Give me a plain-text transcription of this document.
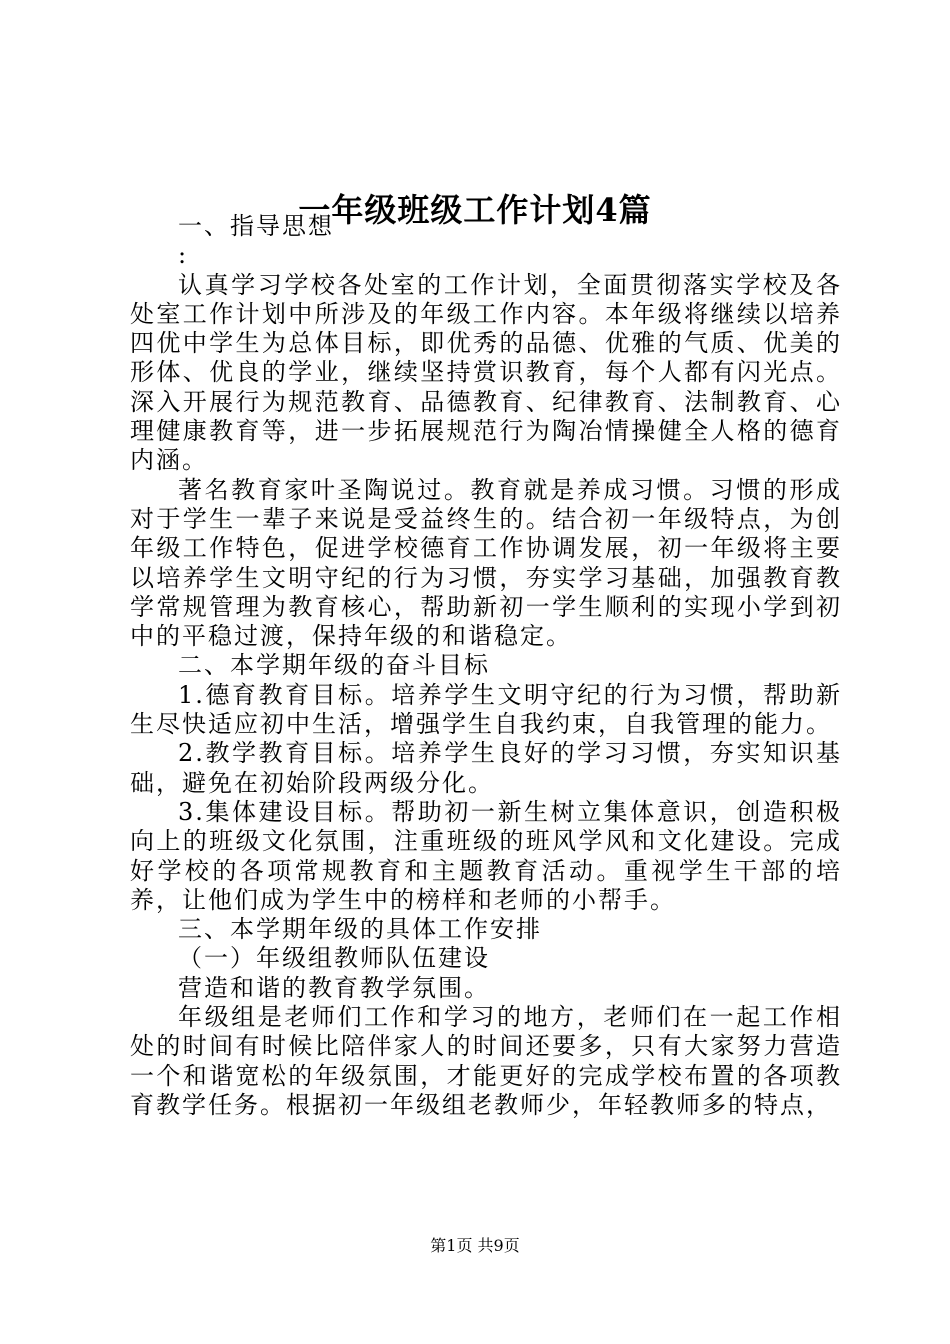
一年级班级工作计划4篇

一、指导思想

:

认真学习学校各处室的工作计划，全面贯彻落实学校及各处室工作计划中所涉及的年级工作内容。本年级将继续以培养四优中学生为总体目标，即优秀的品德、优雅的气质、优美的形体、优良的学业，继续坚持赏识教育，每个人都有闪光点。深入开展行为规范教育、品德教育、纪律教育、法制教育、心理健康教育等，进一步拓展规范行为陶冶情操健全人格的德育内涵。

著名教育家叶圣陶说过。教育就是养成习惯。习惯的形成对于学生一辈子来说是受益终生的。结合初一年级特点，为创年级工作特色，促进学校德育工作协调发展，初一年级将主要以培养学生文明守纪的行为习惯，夯实学习基础，加强教育教学常规管理为教育核心，帮助新初一学生顺利的实现小学到初中的平稳过渡，保持年级的和谐稳定。

二、本学期年级的奋斗目标

1.德育教育目标。培养学生文明守纪的行为习惯，帮助新生尽快适应初中生活，增强学生自我约束，自我管理的能力。

2.教学教育目标。培养学生良好的学习习惯，夯实知识基础，避免在初始阶段两级分化。

3.集体建设目标。帮助初一新生树立集体意识，创造积极向上的班级文化氛围，注重班级的班风学风和文化建设。完成好学校的各项常规教育和主题教育活动。重视学生干部的培养，让他们成为学生中的榜样和老师的小帮手。

三、本学期年级的具体工作安排

（一）年级组教师队伍建设

营造和谐的教育教学氛围。

年级组是老师们工作和学习的地方，老师们在一起工作相处的时间有时候比陪伴家人的时间还要多，只有大家努力营造一个和谐宽松的年级氛围，才能更好的完成学校布置的各项教育教学任务。根据初一年级组老教师少，年轻教师多的特点，

第1页 共9页
